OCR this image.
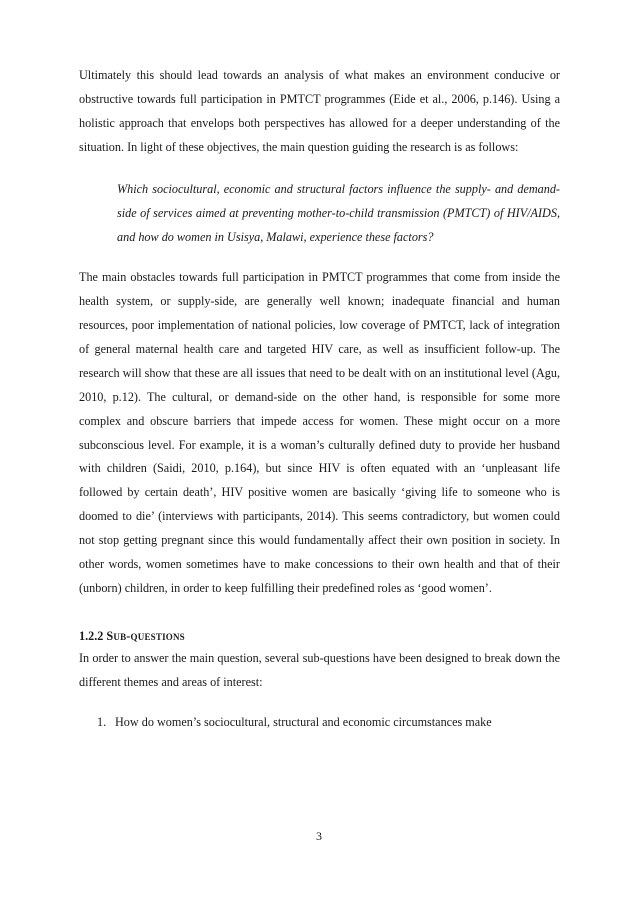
Ultimately this should lead towards an analysis of what makes an environment conducive or obstructive towards full participation in PMTCT programmes (Eide et al., 2006, p.146). Using a holistic approach that envelops both perspectives has allowed for a deeper understanding of the situation. In light of these objectives, the main question guiding the research is as follows:

Which sociocultural, economic and structural factors influence the supply- and demand-side of services aimed at preventing mother-to-child transmission (PMTCT) of HIV/AIDS, and how do women in Usisya, Malawi, experience these factors?

The main obstacles towards full participation in PMTCT programmes that come from inside the health system, or supply-side, are generally well known; inadequate financial and human resources, poor implementation of national policies, low coverage of PMTCT, lack of integration of general maternal health care and targeted HIV care, as well as insufficient follow-up. The research will show that these are all issues that need to be dealt with on an institutional level (Agu, 2010, p.12). The cultural, or demand-side on the other hand, is responsible for some more complex and obscure barriers that impede access for women. These might occur on a more subconscious level. For example, it is a woman’s culturally defined duty to provide her husband with children (Saidi, 2010, p.164), but since HIV is often equated with an ‘unpleasant life followed by certain death’, HIV positive women are basically ‘giving life to someone who is doomed to die’ (interviews with participants, 2014). This seems contradictory, but women could not stop getting pregnant since this would fundamentally affect their own position in society. In other words, women sometimes have to make concessions to their own health and that of their (unborn) children, in order to keep fulfilling their predefined roles as ‘good women’.

1.2.2 Sub-questions

In order to answer the main question, several sub-questions have been designed to break down the different themes and areas of interest:

1. How do women’s sociocultural, structural and economic circumstances make
3
